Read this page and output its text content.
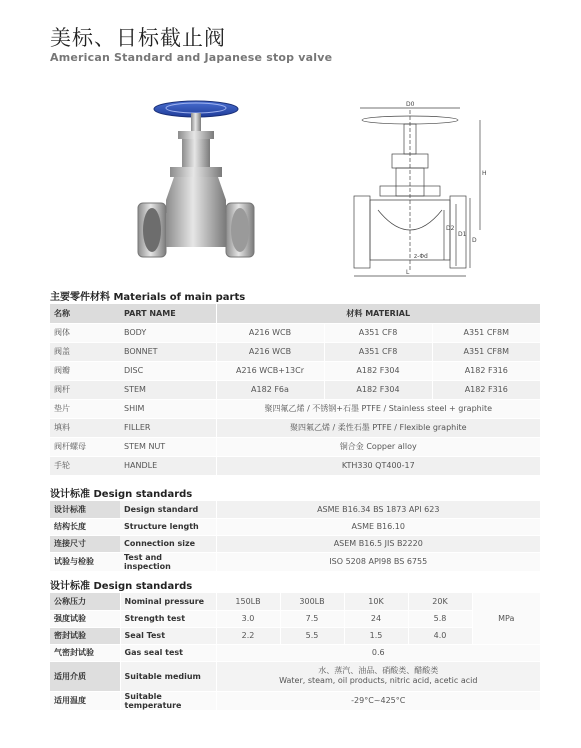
美标、日标截止阀
American Standard and Japanese stop valve
D0
L
H
D2
D1
D
z-Φd
主要零件材料 Materials of main parts
名称	PART NAME	材料 MATERIAL		
阀体	BODY	A216 WCB	A351 CF8	A351 CF8M
阀盖	BONNET	A216 WCB	A351 CF8	A351 CF8M
阀瓣	DISC	A216 WCB+13Cr	A182 F304	A182 F316
阀杆	STEM	A182 F6a	A182 F304	A182 F316
垫片	SHIM	聚四氟乙烯 / 不锈钢+石墨 PTFE / Stainless steel + graphite		
填料	FILLER	聚四氟乙烯 / 柔性石墨 PTFE / Flexible graphite		
阀杆螺母	STEM NUT	铜合金 Copper alloy		
手轮	HANDLE	KTH330 QT400-17		
设计标准 Design standards
设计标准	Design standard	ASME B16.34 BS 1873 API 623
结构长度	Structure length	ASME B16.10
连接尺寸	Connection size	ASEM B16.5 JIS B2220
试验与检验	Test and inspection	ISO 5208 API98 BS 6755
设计标准 Design standards
公称压力	Nominal pressure	150LB	300LB	10K	20K	MPa
强度试验	Strength test	3.0	7.5	24	5.8	
密封试验	Seal Test	2.2	5.5	1.5	4.0	
气密封试验	Gas seal test	0.6				
适用介质	Suitable medium	水、蒸汽、油品、硝酸类、醋酸类
Water, steam, oil products, nitric acid, acetic acid				

适用温度	Suitable temperature	-29°C~425°C				
